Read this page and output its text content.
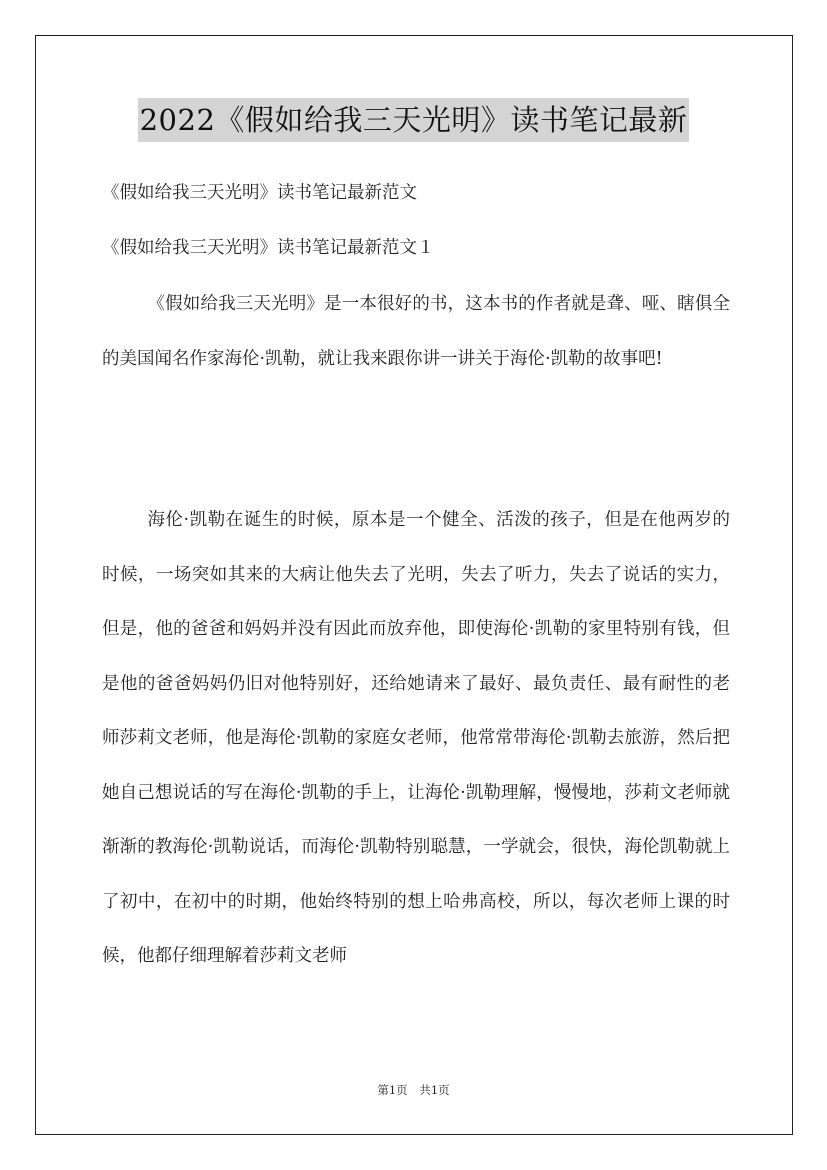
2022《假如给我三天光明》读书笔记最新
《假如给我三天光明》读书笔记最新范文
《假如给我三天光明》读书笔记最新范文１

《假如给我三天光明》是一本很好的书，这本书的作者就是聋、哑、瞎俱全的美国闻名作家海伦·凯勒，就让我来跟你讲一讲关于海伦·凯勒的故事吧!

海伦·凯勒在诞生的时候，原本是一个健全、活泼的孩子，但是在他两岁的时候，一场突如其来的大病让他失去了光明，失去了听力，失去了说话的实力，但是，他的爸爸和妈妈并没有因此而放弃他，即使海伦·凯勒的家里特别有钱，但是他的爸爸妈妈仍旧对他特别好，还给她请来了最好、最负责任、最有耐性的老师莎莉文老师，他是海伦·凯勒的家庭女老师，他常常带海伦·凯勒去旅游，然后把她自己想说话的写在海伦·凯勒的手上，让海伦·凯勒理解，慢慢地，莎莉文老师就渐渐的教海伦·凯勒说话，而海伦·凯勒特别聪慧，一学就会，很快，海伦凯勒就上了初中，在初中的时期，他始终特别的想上哈弗高校，所以，每次老师上课的时候，他都仔细理解着莎莉文老师

第1页 共1页
